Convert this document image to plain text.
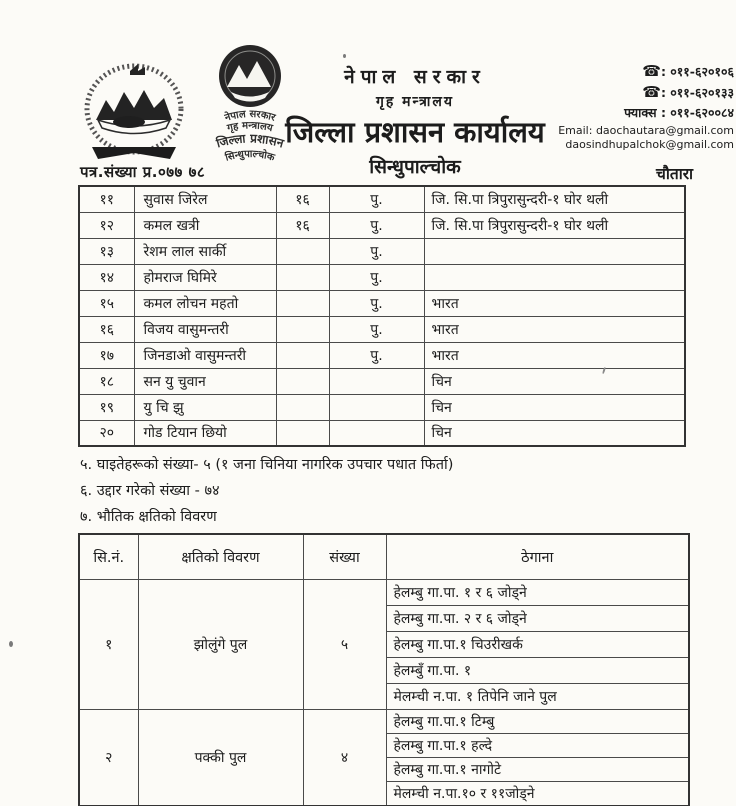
नेपाल सरकार
गृह मन्त्रालय
जिल्ला प्रशासन
सिन्धुपाल्चोक
नेपाल सरकार
गृह मन्त्रालय
जिल्ला प्रशासन कार्यालय
सिन्धुपाल्चोक
☎: ०११-६२०१०६
☎: ०११-६२०१३३
फ्याक्स : ०११-६२००८४
Email: daochautara@gmail.com
daosindhupalchok@gmail.com
पत्र.संख्या प्र.०७७ ७८	चौतारा
११	सुवास जिरेल	१६	पु.	जि. सि.पा त्रिपुरासुन्दरी-१ घोर थली
१२	कमल खत्री	१६	पु.	जि. सि.पा त्रिपुरासुन्दरी-१ घोर थली
१३	रेशम लाल सार्की		पु.	
१४	होमराज घिमिरे		पु.	
१५	कमल लोचन महतो		पु.	भारत
१६	विजय वासुमन्तरी		पु.	भारत
१७	जिनडाओ वासुमन्तरी		पु.	भारत
१८	सन यु चुवान			चिन
१९	यु चि झु			चिन
२०	गोड टियान छियो			चिन
५. घाइतेहरूको संख्या- ५ (१ जना चिनिया नागरिक उपचार पधात फिर्ता)
६. उद्दार गरेको संख्या - ७४
७. भौतिक क्षतिको विवरण
सि.नं.	क्षतिको विवरण	संख्या	ठेगाना
१	झोलुंगे पुल	५	हेलम्बु गा.पा. १ र ६ जोड्ने
			हेलम्बु गा.पा. २ र ६ जोड्ने
			हेलम्बु गा.पा.१ चिउरीखर्क
			हेलम्बुँ गा.पा. १
			मेलम्ची न.पा. १ तिपेनि जाने पुल
२	पक्की पुल	४	हेलम्बु गा.पा.१ टिम्बु
			हेलम्बु गा.पा.१ हल्दे
			हेलम्बु गा.पा.१ नागोटे
			मेलम्ची न.पा.१० र ११जोड्ने
